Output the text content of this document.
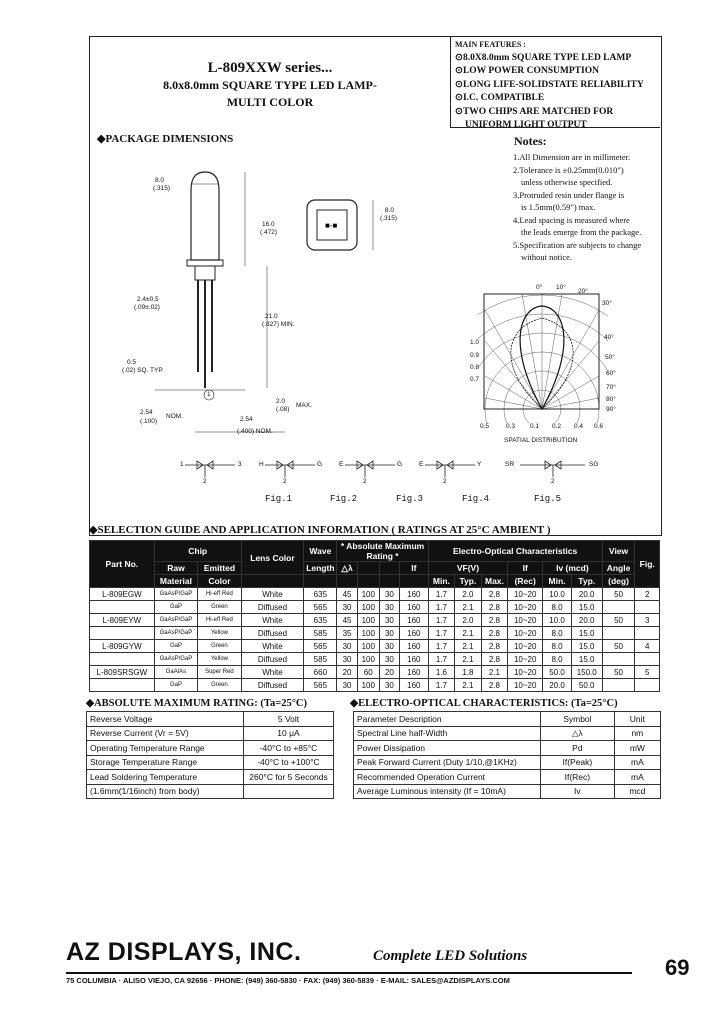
L-809XXW series...
8.0x8.0mm SQUARE TYPE LED LAMP-
MULTI COLOR
MAIN FEATURES :
⊙8.0X8.0mm SQUARE TYPE LED LAMP
⊙LOW POWER CONSUMPTION
⊙LONG LIFE-SOLIDSTATE RELIABILITY
⊙I.C. COMPATIBLE
⊙TWO CHIPS ARE MATCHED FOR
UNIFORM LIGHT OUTPUT
◆PACKAGE DIMENSIONS
■-■
8.0
(.315)
16.0
(.472)
8.0
(.315)
2.4±0.5
(.09±.02)
0.5
(.02) SQ. TYP.
21.0
(.827) MIN.
2.54
NOM.
(.100)	2.54
(.400) NOM.
2.0
(.08)
MAX.
1
Notes:
1.All Dimension are in millimeter.
2.Tolerance is ±0.25mm(0.010")
unless otherwise specified.
3.Protruded resin under flange is
is 1.5mm(0.59") max.
4.Lead spacing is measured where
the leads emerge from the package.
5.Specification are subjects to change
without notice.
0° 10°
20°
30°
40°
50°
60°
70°
80°
90°
1.0
0.9
0.8
0.7
0.5	0.3 0.1 0.2 0.4 0.6
SPATIAL DISTRIBUTION
1	3
2
H	G
2
E	G
2
E	Y
2
SR	SG
2
Fig.1	Fig.2	Fig.3	Fig.4	Fig.5
◆SELECTION GUIDE AND APPLICATION INFORMATION ( RATINGS AT 25°C AMBIENT )
Part No.	Chip		Lens Color	Wave	* Absolute Maximum Rating *				Electro-Optical Characteristics						View	Fig.
	Raw	Emitted		Length	△λ			If	VF(V)			If	Iv (mcd)		Angle	
	Material	Color							Min.	Typ.	Max.	(Rec)	Min.	Typ.	(deg)	
L-809EGW	GaAsP/GaP	Hi-eff Red	White	635	45	100	30	160	1.7	2.0	2.8	10~20	10.0	20.0	50	2
	GaP	Green	Diffused	565	30	100	30	160	1.7	2.1	2.8	10~20	8.0	15.0		
L-809EYW	GaAsP/GaP	Hi-eff Red	White	635	45	100	30	160	1.7	2.0	2.8	10~20	10.0	20.0	50	3
	GaAsP/GaP	Yellow	Diffused	585	35	100	30	160	1.7	2.1	2.8	10~20	8.0	15.0		
L-809GYW	GaP	Green	White	565	30	100	30	160	1.7	2.1	2.8	10~20	8.0	15.0	50	4
	GaAsP/GaP	Yellow	Diffused	585	30	100	30	160	1.7	2.1	2.8	10~20	8.0	15.0		
L-809SRSGW	GaAlAs	Super Red	White	660	20	60	20	160	1.6	1.8	2.1	10~20	50.0	150.0	50	5
	GaP	Green	Diffused	565	30	100	30	160	1.7	2.1	2.8	10~20	20.0	50.0		
◆ABSOLUTE MAXIMUM RATING: (Ta=25°C)
Reverse Voltage	5 Volt
Reverse Current (Vr = 5V)	10 μA
Operating Temperature Range	-40°C to +85°C
Storage Temperature Range	-40°C to +100°C
Lead Soldering Temperature	260°C for 5 Seconds
(1.6mm(1/16inch) from body)	
◆ELECTRO-OPTICAL CHARACTERISTICS: (Ta=25°C)
Parameter Description	Symbol	Unit
Spectral Line half-Width	△λ	nm
Power Dissipation	Pd	mW
Peak Forward Current (Duty 1/10,@1KHz)	If(Peak)	mA
Recommended Operation Current	If(Rec)	mA
Average Luminous intensity (If = 10mA)	Iv	mcd
AZ DISPLAYS, INC.	Complete LED Solutions
75 COLUMBIA · ALISO VIEJO, CA 92656 · PHONE: (949) 360-5830 · FAX: (949) 360-5839 · E-MAIL: SALES@AZDISPLAYS.COM
69
